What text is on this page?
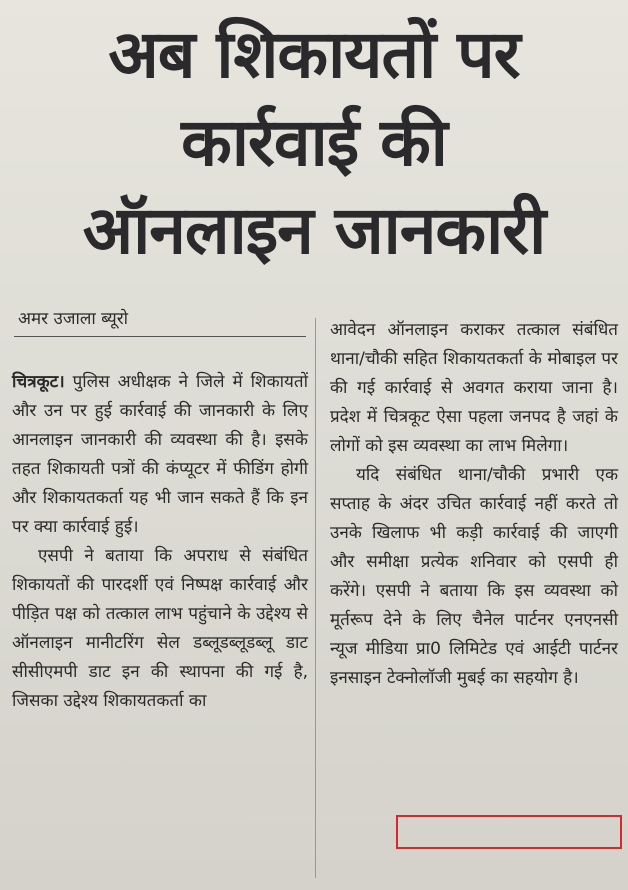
अब शिकायतों पर
कार्रवाई की
ऑनलाइन जानकारी
अमर उजाला ब्यूरो

चित्रकूट। पुलिस अधीक्षक ने जिले में शिकायतों और उन पर हुई कार्रवाई की जानकारी के लिए आनलाइन जानकारी की व्यवस्था की है। इसके तहत शिकायती पत्रों की कंप्यूटर में फीडिंग होगी और शिकायतकर्ता यह भी जान सकते हैं कि इन पर क्या कार्रवाई हुई।

एसपी ने बताया कि अपराध से संबंधित शिकायतों की पारदर्शी एवं निष्पक्ष कार्रवाई और पीड़ित पक्ष को तत्काल लाभ पहुंचाने के उद्देश्य से ऑनलाइन मानीटरिंग सेल डब्लूडब्लूडब्लू डाट सीसीएमपी डाट इन की स्थापना की गई है, जिसका उद्देश्य शिकायतकर्ता का

आवेदन ऑनलाइन कराकर तत्काल संबंधित थाना/चौकी सहित शिकायतकर्ता के मोबाइल पर की गई कार्रवाई से अवगत कराया जाना है। प्रदेश में चित्रकूट ऐसा पहला जनपद है जहां के लोगों को इस व्यवस्था का लाभ मिलेगा।

यदि संबंधित थाना/चौकी प्रभारी एक सप्ताह के अंदर उचित कार्रवाई नहीं करते तो उनके खिलाफ भी कड़ी कार्रवाई की जाएगी और समीक्षा प्रत्येक शनिवार को एसपी ही करेंगे। एसपी ने बताया कि इस व्यवस्था को मूर्तरूप देने के लिए चैनेल पार्टनर एनएनसी न्यूज मीडिया प्रा0 लिमिटेड एवं आईटी पार्टनर इनसाइन टेक्नोलॉजी मुबई का सहयोग है।
